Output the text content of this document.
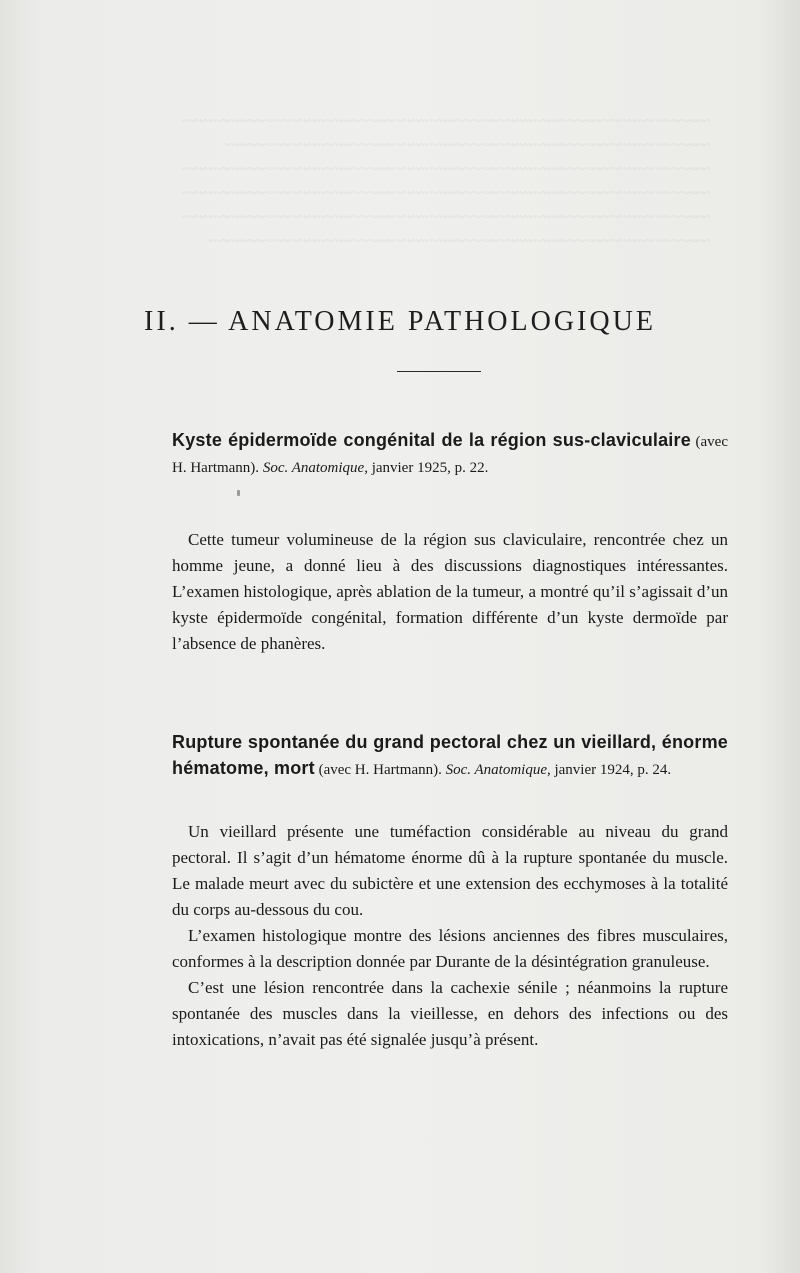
~~~~~~~~~~~~~~~~~~~~~~~~~~~~~~~~~~~~~~~~~~~~~~~~~~~~~~~~~~~~~
~~~~~~~~~~~~~~~~~~~~~~~~~~~~~~~~~~~~~~~~~~~~~~~~~~~~~~~~
~~~~~~~~~~~~~~~~~~~~~~~~~~~~~~~~~~~~~~~~~~~~~~~~~~~~~~~~~~~~~
~~~~~~~~~~~~~~~~~~~~~~~~~~~~~~~~~~~~~~~~~~~~~~~~~~~~~~~~~~~~~
~~~~~~~~~~~~~~~~~~~~~~~~~~~~~~~~~~~~~~~~~~~~~~~~~~~~~~~~~~~~~
~~~~~~~~~~~~~~~~~~~~~~~~~~~~~~~~~~~~~~~~~~~~~~~~~~~~~~~~~~
II. — ANATOMIE PATHOLOGIQUE

Kyste épidermoïde congénital de la région sus-claviculaire (avec H. Hartmann). Soc. Anatomique, janvier 1925, p. 22.

Cette tumeur volumineuse de la région sus claviculaire, rencontrée chez un homme jeune, a donné lieu à des discussions diagnostiques intéressantes. L’examen histologique, après ablation de la tumeur, a montré qu’il s’agissait d’un kyste épidermoïde congénital, formation différente d’un kyste dermoïde par l’absence de phanères.

Rupture spontanée du grand pectoral chez un vieillard, énorme hématome, mort (avec H. Hartmann). Soc. Anatomique, janvier 1924, p. 24.

Un vieillard présente une tuméfaction considérable au niveau du grand pectoral. Il s’agit d’un hématome énorme dû à la rupture spontanée du muscle. Le malade meurt avec du subictère et une extension des ecchymoses à la totalité du corps au-dessous du cou.

L’examen histologique montre des lésions anciennes des fibres musculaires, conformes à la description donnée par Durante de la désintégration granuleuse.

C’est une lésion rencontrée dans la cachexie sénile ; néanmoins la rupture spontanée des muscles dans la vieillesse, en dehors des infections ou des intoxications, n’avait pas été signalée jusqu’à présent.
